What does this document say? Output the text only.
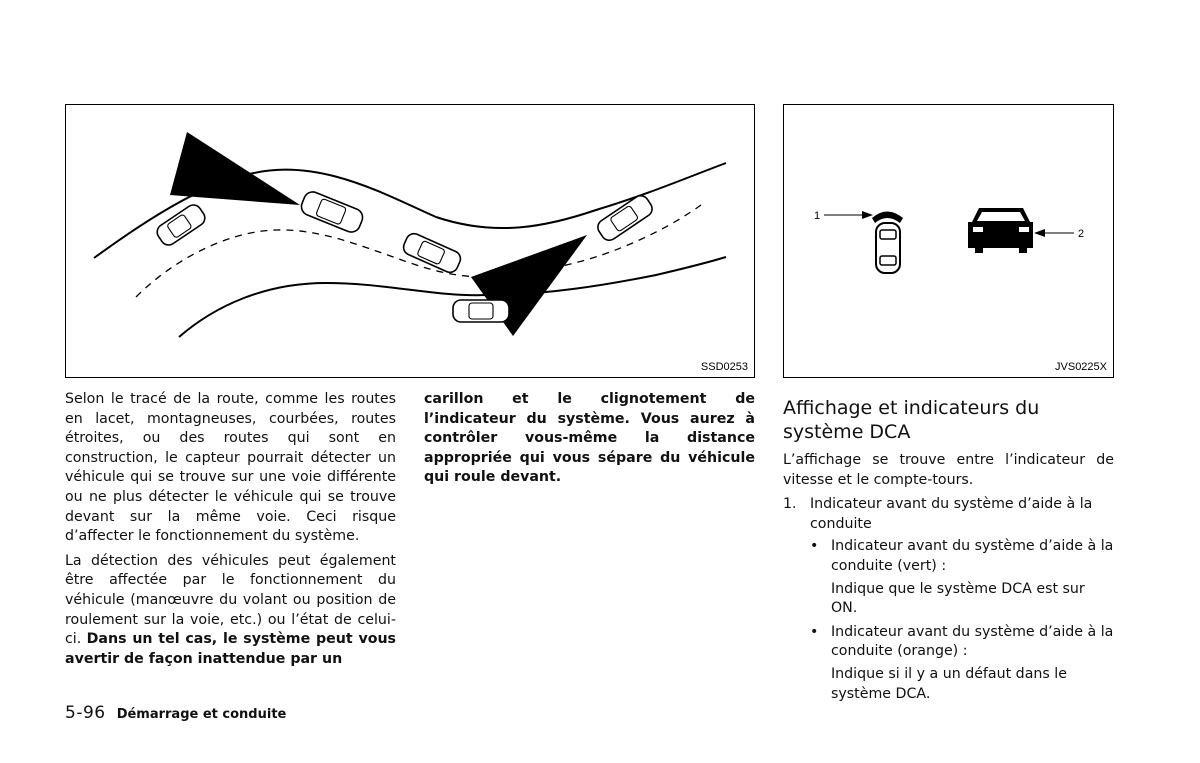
SSD0253
1
2
JVS0225X

Selon le tracé de la route, comme les routes en lacet, montagneuses, courbées, routes étroites, ou des routes qui sont en construction, le capteur pourrait détecter un véhicule qui se trouve sur une voie différente ou ne plus détecter le véhicule qui se trouve devant sur la même voie. Ceci risque d’affecter le fonctionnement du système.

La détection des véhicules peut également être affectée par le fonctionnement du véhicule (manœuvre du volant ou position de roulement sur la voie, etc.) ou l’état de celui-ci. Dans un tel cas, le système peut vous avertir de façon inattendue par un

carillon et le clignotement de l’indicateur du système. Vous aurez à contrôler vous-même la distance appropriée qui vous sépare du véhicule qui roule devant.

Affichage et indicateurs du système DCA

L’affichage se trouve entre l’indicateur de vitesse et le compte-tours.

1. Indicateur avant du système d’aide à la conduite
• Indicateur avant du système d’aide à la conduite (vert) :
Indique que le système DCA est sur ON.
• Indicateur avant du système d’aide à la conduite (orange) :
Indique si il y a un défaut dans le système DCA.
5-96 Démarrage et conduite
